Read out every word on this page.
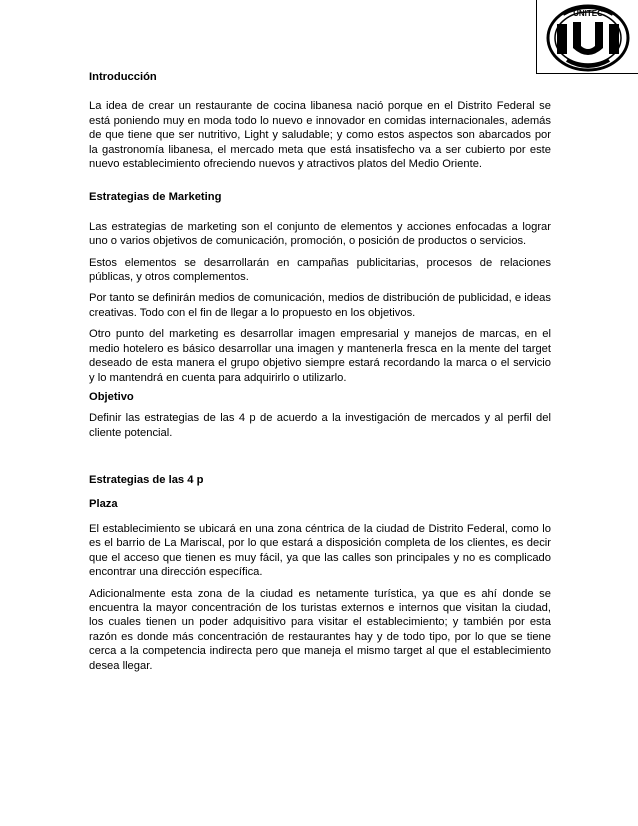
UNITEC
U

Introducción

La idea de crear un restaurante de cocina libanesa nació porque en el Distrito Federal se está poniendo muy en moda todo lo nuevo e innovador en comidas internacionales, además de que tiene que ser nutritivo, Light y saludable; y como estos aspectos son abarcados por la gastronomía libanesa, el mercado meta que está insatisfecho va a ser cubierto por este nuevo establecimiento ofreciendo nuevos y atractivos platos del Medio Oriente.

Estrategias de Marketing

Las estrategias de marketing son el conjunto de elementos y acciones enfocadas a lograr uno o varios objetivos de comunicación, promoción, o posición de productos o servicios.

Estos elementos se desarrollarán en campañas publicitarias, procesos de relaciones públicas, y otros complementos.

Por tanto se definirán medios de comunicación, medios de distribución de publicidad, e ideas creativas. Todo con el fin de llegar a lo propuesto en los objetivos.

Otro punto del marketing es desarrollar imagen empresarial y manejos de marcas, en el medio hotelero es básico desarrollar una imagen y mantenerla fresca en la mente del target deseado de esta manera el grupo objetivo siempre estará recordando la marca o el servicio y lo mantendrá en cuenta para adquirirlo o utilizarlo.

Objetivo

Definir las estrategias de las 4 p de acuerdo a la investigación de mercados y al perfil del cliente potencial.

Estrategias de las 4 p

Plaza

El establecimiento se ubicará en una zona céntrica de la ciudad de Distrito Federal, como lo es el barrio de La Mariscal, por lo que estará a disposición completa de los clientes, es decir que el acceso que tienen es muy fácil, ya que las calles son principales y no es complicado encontrar una dirección específica.

Adicionalmente esta zona de la ciudad es netamente turística, ya que es ahí donde se encuentra la mayor concentración de los turistas externos e internos que visitan la ciudad, los cuales tienen un poder adquisitivo para visitar el establecimiento; y también por esta razón es donde más concentración de restaurantes hay y de todo tipo, por lo que se tiene cerca a la competencia indirecta pero que maneja el mismo target al que el establecimiento desea llegar.
